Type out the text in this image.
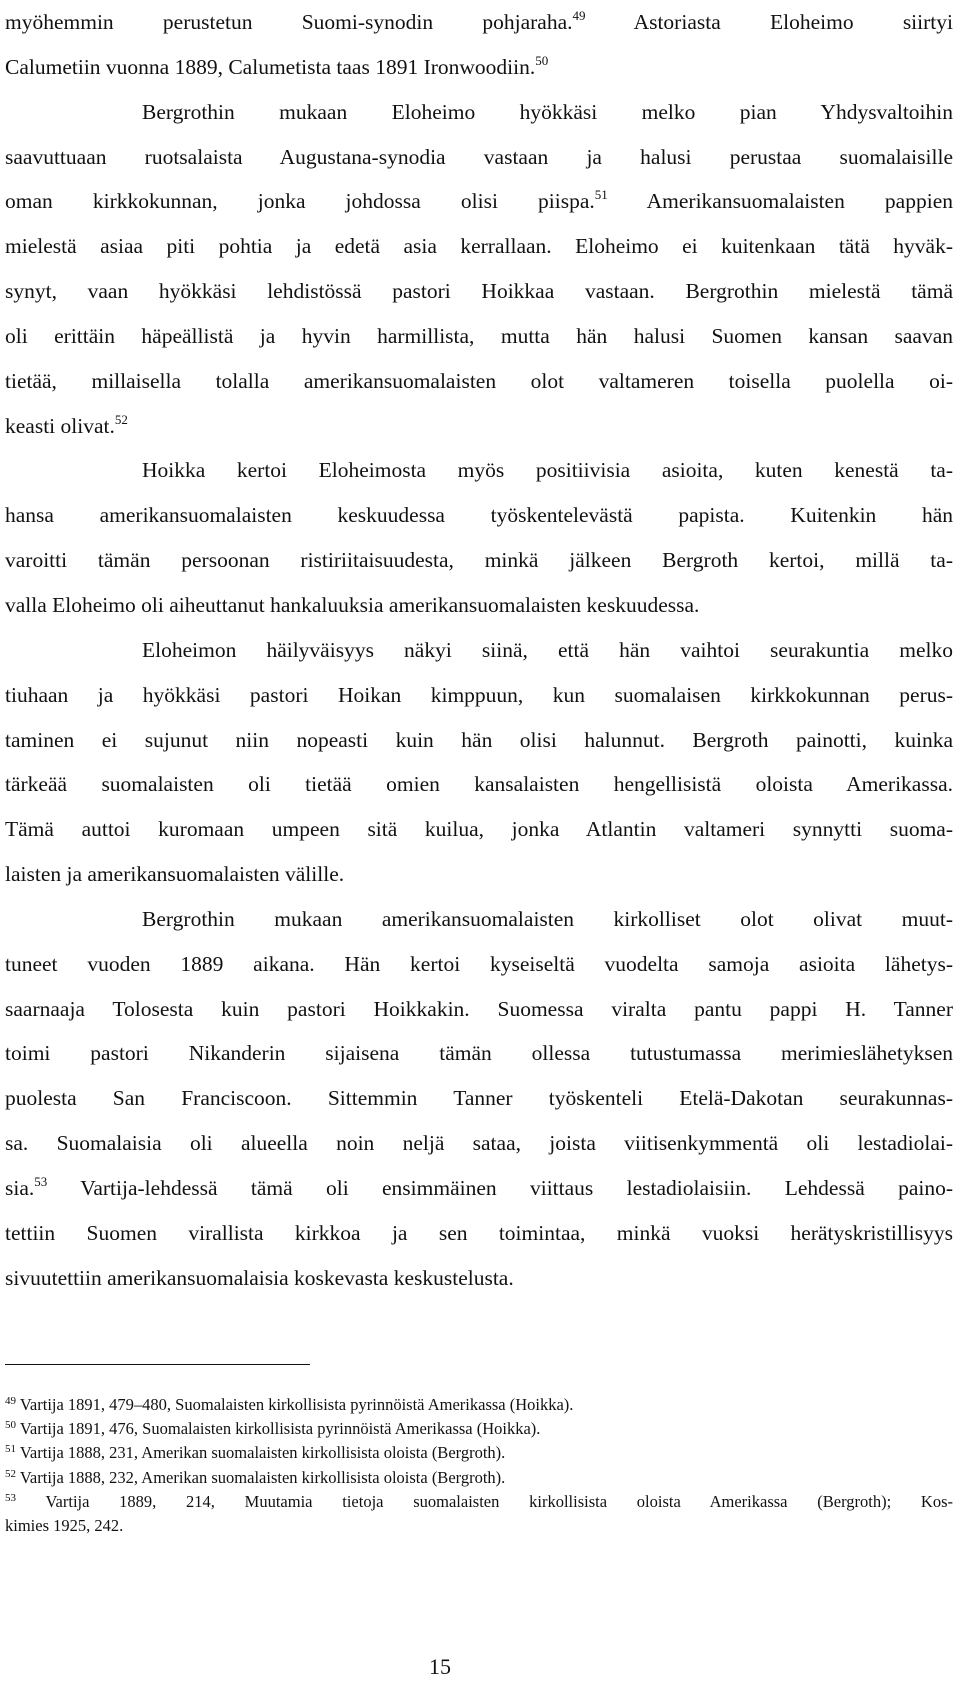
myöhemmin perustetun Suomi-synodin pohjaraha.$^{49}$ Astoriasta Eloheimo siirtyi
Calumetiin vuonna 1889, Calumetista taas 1891 Ironwoodiin.$^{50}$
Bergrothin mukaan Eloheimo hyökkäsi melko pian Yhdysvaltoihin
saavuttuaan ruotsalaista Augustana-synodia vastaan ja halusi perustaa suomalaisille
oman kirkkokunnan, jonka johdossa olisi piispa.$^{51}$ Amerikansuomalaisten pappien
mielestä asiaa piti pohtia ja edetä asia kerrallaan. Eloheimo ei kuitenkaan tätä hyväk-
synyt, vaan hyökkäsi lehdistössä pastori Hoikkaa vastaan. Bergrothin mielestä tämä
oli erittäin häpeällistä ja hyvin harmillista, mutta hän halusi Suomen kansan saavan
tietää, millaisella tolalla amerikansuomalaisten olot valtameren toisella puolella oi-
keasti olivat.$^{52}$
Hoikka kertoi Eloheimosta myös positiivisia asioita, kuten kenestä ta-
hansa amerikansuomalaisten keskuudessa työskentelevästä papista. Kuitenkin hän
varoitti tämän persoonan ristiriitaisuudesta, minkä jälkeen Bergroth kertoi, millä ta-
valla Eloheimo oli aiheuttanut hankaluuksia amerikansuomalaisten keskuudessa.
Eloheimon häilyväisyys näkyi siinä, että hän vaihtoi seurakuntia melko
tiuhaan ja hyökkäsi pastori Hoikan kimppuun, kun suomalaisen kirkkokunnan perus-
taminen ei sujunut niin nopeasti kuin hän olisi halunnut. Bergroth painotti, kuinka
tärkeää suomalaisten oli tietää omien kansalaisten hengellisistä oloista Amerikassa.
Tämä auttoi kuromaan umpeen sitä kuilua, jonka Atlantin valtameri synnytti suoma-
laisten ja amerikansuomalaisten välille.
Bergrothin mukaan amerikansuomalaisten kirkolliset olot olivat muut-
tuneet vuoden 1889 aikana. Hän kertoi kyseiseltä vuodelta samoja asioita lähetys-
saarnaaja Tolosesta kuin pastori Hoikkakin. Suomessa viralta pantu pappi H. Tanner
toimi pastori Nikanderin sijaisena tämän ollessa tutustumassa merimieslähetyksen
puolesta San Franciscoon. Sittemmin Tanner työskenteli Etelä-Dakotan seurakunnas-
sa. Suomalaisia oli alueella noin neljä sataa, joista viitisenkymmentä oli lestadiolai-
sia.$^{53}$ Vartija-lehdessä tämä oli ensimmäinen viittaus lestadiolaisiin. Lehdessä paino-
tettiin Suomen virallista kirkkoa ja sen toimintaa, minkä vuoksi herätyskristillisyys
sivuutettiin amerikansuomalaisia koskevasta keskustelusta.
$^{49}$ Vartija 1891, 479–480, Suomalaisten kirkollisista pyrinnöistä Amerikassa (Hoikka).
$^{50}$ Vartija 1891, 476, Suomalaisten kirkollisista pyrinnöistä Amerikassa (Hoikka).
$^{51}$ Vartija 1888, 231, Amerikan suomalaisten kirkollisista oloista (Bergroth).
$^{52}$ Vartija 1888, 232, Amerikan suomalaisten kirkollisista oloista (Bergroth).
$^{53}$ Vartija 1889, 214, Muutamia tietoja suomalaisten kirkollisista oloista Amerikassa (Bergroth); Kos-
kimies 1925, 242.
15
